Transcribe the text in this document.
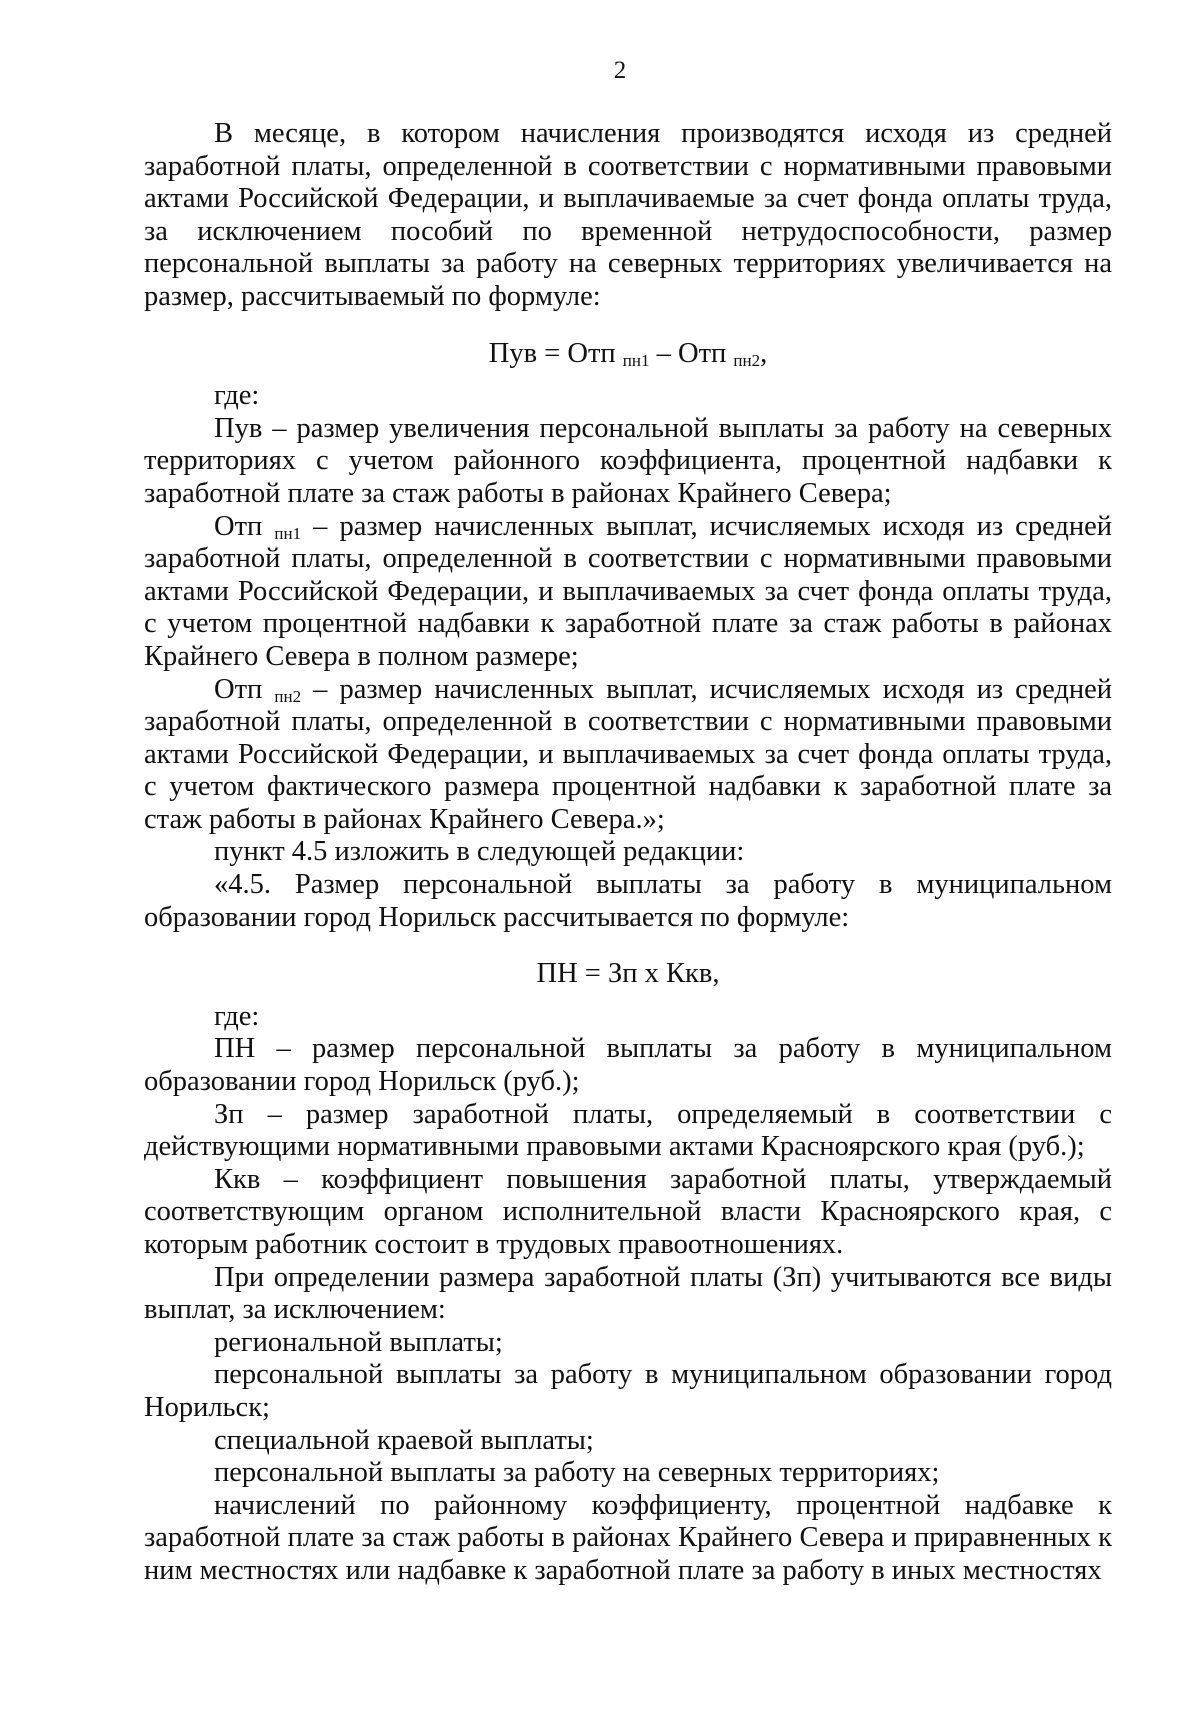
2

В месяце, в котором начисления производятся исходя из средней заработной платы, определенной в соответствии с нормативными правовыми актами Российской Федерации, и выплачиваемые за счет фонда оплаты труда, за исключением пособий по временной нетрудоспособности, размер персональной выплаты за работу на северных территориях увеличивается на размер, рассчитываемый по формуле:

Пув = Отп $_{пн1}$ – Отп $_{пн2}$,

где:

Пув – размер увеличения персональной выплаты за работу на северных территориях с учетом районного коэффициента, процентной надбавки к заработной плате за стаж работы в районах Крайнего Севера;

Отп $_{пн1}$ – размер начисленных выплат, исчисляемых исходя из средней заработной платы, определенной в соответствии с нормативными правовыми актами Российской Федерации, и выплачиваемых за счет фонда оплаты труда, с учетом процентной надбавки к заработной плате за стаж работы в районах Крайнего Севера в полном размере;

Отп $_{пн2}$ – размер начисленных выплат, исчисляемых исходя из средней заработной платы, определенной в соответствии с нормативными правовыми актами Российской Федерации, и выплачиваемых за счет фонда оплаты труда, с учетом фактического размера процентной надбавки к заработной плате за стаж работы в районах Крайнего Севера.»;

пункт 4.5 изложить в следующей редакции:

«4.5. Размер персональной выплаты за работу в муниципальном образовании город Норильск рассчитывается по формуле:

ПН = Зп х Ккв,

где:

ПН – размер персональной выплаты за работу в муниципальном образовании город Норильск (руб.);

Зп – размер заработной платы, определяемый в соответствии с действующими нормативными правовыми актами Красноярского края (руб.);

Ккв – коэффициент повышения заработной платы, утверждаемый соответствующим органом исполнительной власти Красноярского края, с которым работник состоит в трудовых правоотношениях.

При определении размера заработной платы (Зп) учитываются все виды выплат, за исключением:

региональной выплаты;

персональной выплаты за работу в муниципальном образовании город Норильск;

специальной краевой выплаты;

персональной выплаты за работу на северных территориях;

начислений по районному коэффициенту, процентной надбавке к заработной плате за стаж работы в районах Крайнего Севера и приравненных к ним местностях или надбавке к заработной плате за работу в иных местностях
